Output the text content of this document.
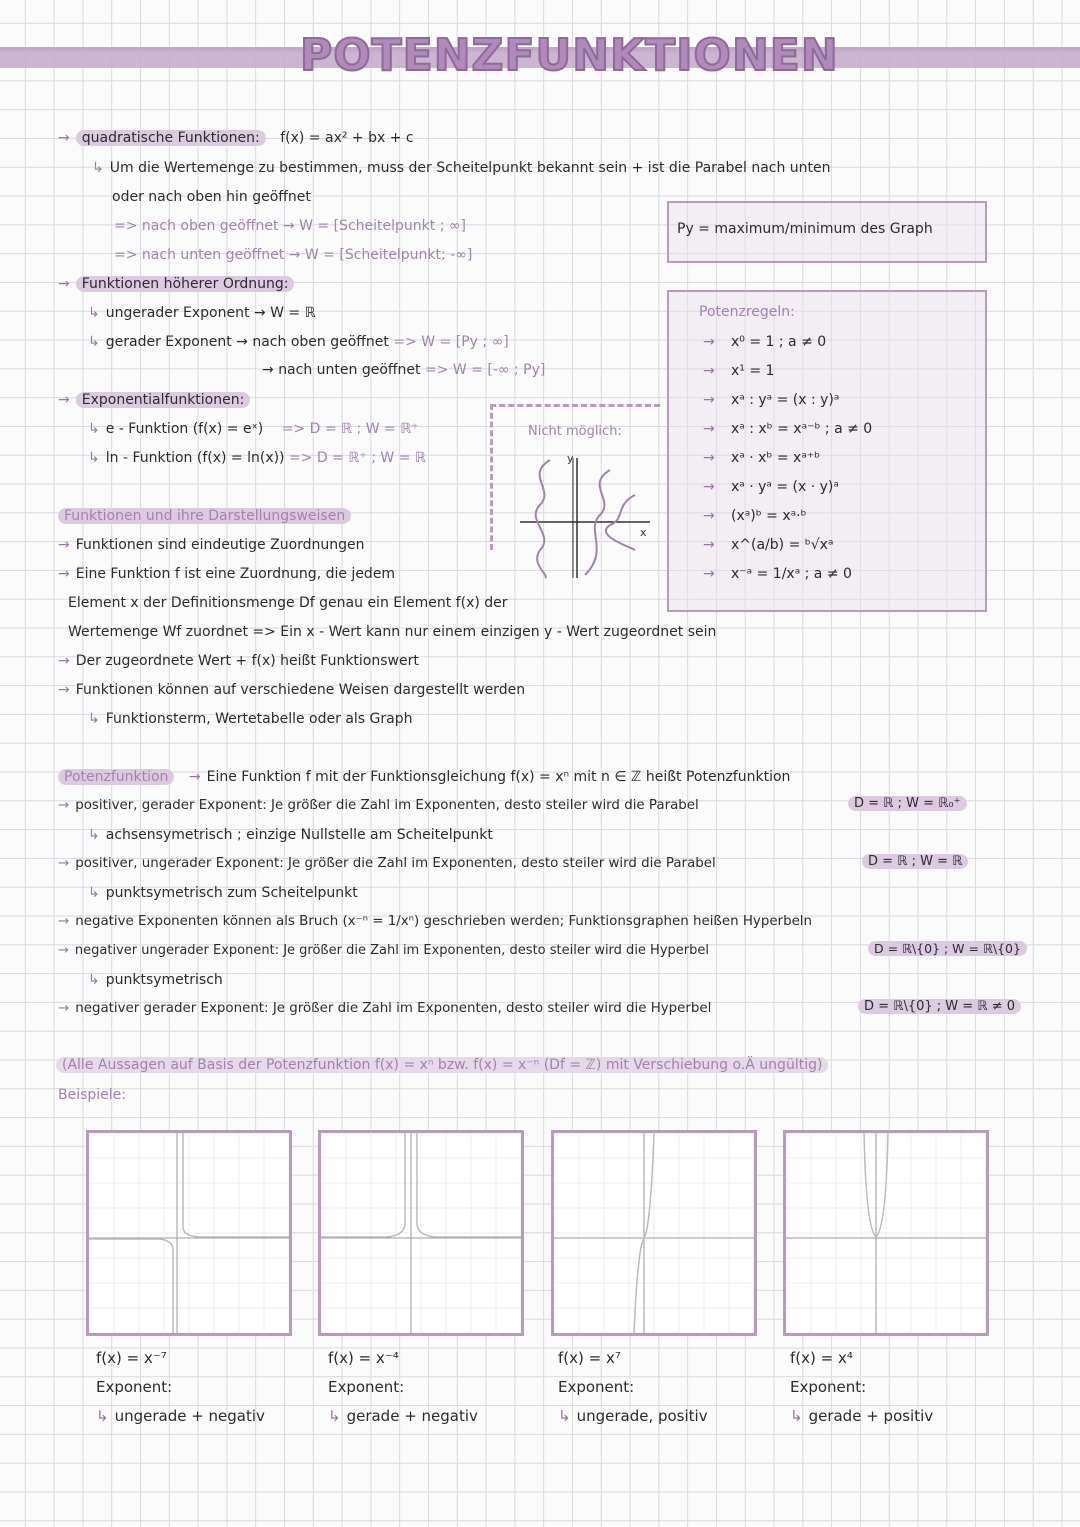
POTENZFUNKTIONEN
→ quadratische Funktionen: f(x) = ax² + bx + c
↳ Um die Wertemenge zu bestimmen, muss der Scheitelpunkt bekannt sein + ist die Parabel nach unten
oder nach oben hin geöffnet
=> nach oben geöffnet → W = [Scheitelpunkt ; ∞]
=> nach unten geöffnet → W = [Scheitelpunkt; -∞]
Py = maximum/minimum des Graph
→ Funktionen höherer Ordnung:
↳ ungerader Exponent → W = ℝ
↳ gerader Exponent → nach oben geöffnet => W = [Py ; ∞]
→ nach unten geöffnet => W = [-∞ ; Py]
→ Exponentialfunktionen:
↳ e - Funktion (f(x) = eˣ) => D = ℝ ; W = ℝ⁺
↳ ln - Funktion (f(x) = ln(x)) => D = ℝ⁺ ; W = ℝ
Nicht möglich:
y
x
Potenzregeln:
→ x⁰ = 1 ; a ≠ 0
→ x¹ = 1
→ xᵃ : yᵃ = (x : y)ᵃ
→ xᵃ : xᵇ = xᵃ⁻ᵇ ; a ≠ 0
→ xᵃ · xᵇ = xᵃ⁺ᵇ
→ xᵃ · yᵃ = (x · y)ᵃ
→ (xᵃ)ᵇ = xᵃ·ᵇ
→ x^(a/b) = ᵇ√xᵃ
→ x⁻ᵃ = 1/xᵃ ; a ≠ 0
Funktionen und ihre Darstellungsweisen
→ Funktionen sind eindeutige Zuordnungen
→ Eine Funktion f ist eine Zuordnung, die jedem
Element x der Definitionsmenge Df genau ein Element f(x) der
Wertemenge Wf zuordnet => Ein x - Wert kann nur einem einzigen y - Wert zugeordnet sein
→ Der zugeordnete Wert + f(x) heißt Funktionswert
→ Funktionen können auf verschiedene Weisen dargestellt werden
↳ Funktionsterm, Wertetabelle oder als Graph
Potenzfunktion → Eine Funktion f mit der Funktionsgleichung f(x) = xⁿ mit n ∈ ℤ heißt Potenzfunktion
→ positiver, gerader Exponent: Je größer die Zahl im Exponenten, desto steiler wird die Parabel	D = ℝ ; W = ℝ₀⁺
↳ achsensymetrisch ; einzige Nullstelle am Scheitelpunkt
→ positiver, ungerader Exponent: Je größer die Zahl im Exponenten, desto steiler wird die Parabel	D = ℝ ; W = ℝ
↳ punktsymetrisch zum Scheitelpunkt
→ negative Exponenten können als Bruch (x⁻ⁿ = 1/xⁿ) geschrieben werden; Funktionsgraphen heißen Hyperbeln
→ negativer ungerader Exponent: Je größer die Zahl im Exponenten, desto steiler wird die Hyperbel	D = ℝ\{0} ; W = ℝ\{0}
↳ punktsymetrisch
→ negativer gerader Exponent: Je größer die Zahl im Exponenten, desto steiler wird die Hyperbel	D = ℝ\{0} ; W = ℝ ≠ 0
(Alle Aussagen auf Basis der Potenzfunktion f(x) = xⁿ bzw. f(x) = x⁻ⁿ (Df = ℤ) mit Verschiebung o.Ä ungültig)
Beispiele:
f(x) = x⁻⁷
Exponent:
↳ ungerade + negativ
f(x) = x⁻⁴
Exponent:
↳ gerade + negativ
f(x) = x⁷
Exponent:
↳ ungerade, positiv
f(x) = x⁴
Exponent:
↳ gerade + positiv
